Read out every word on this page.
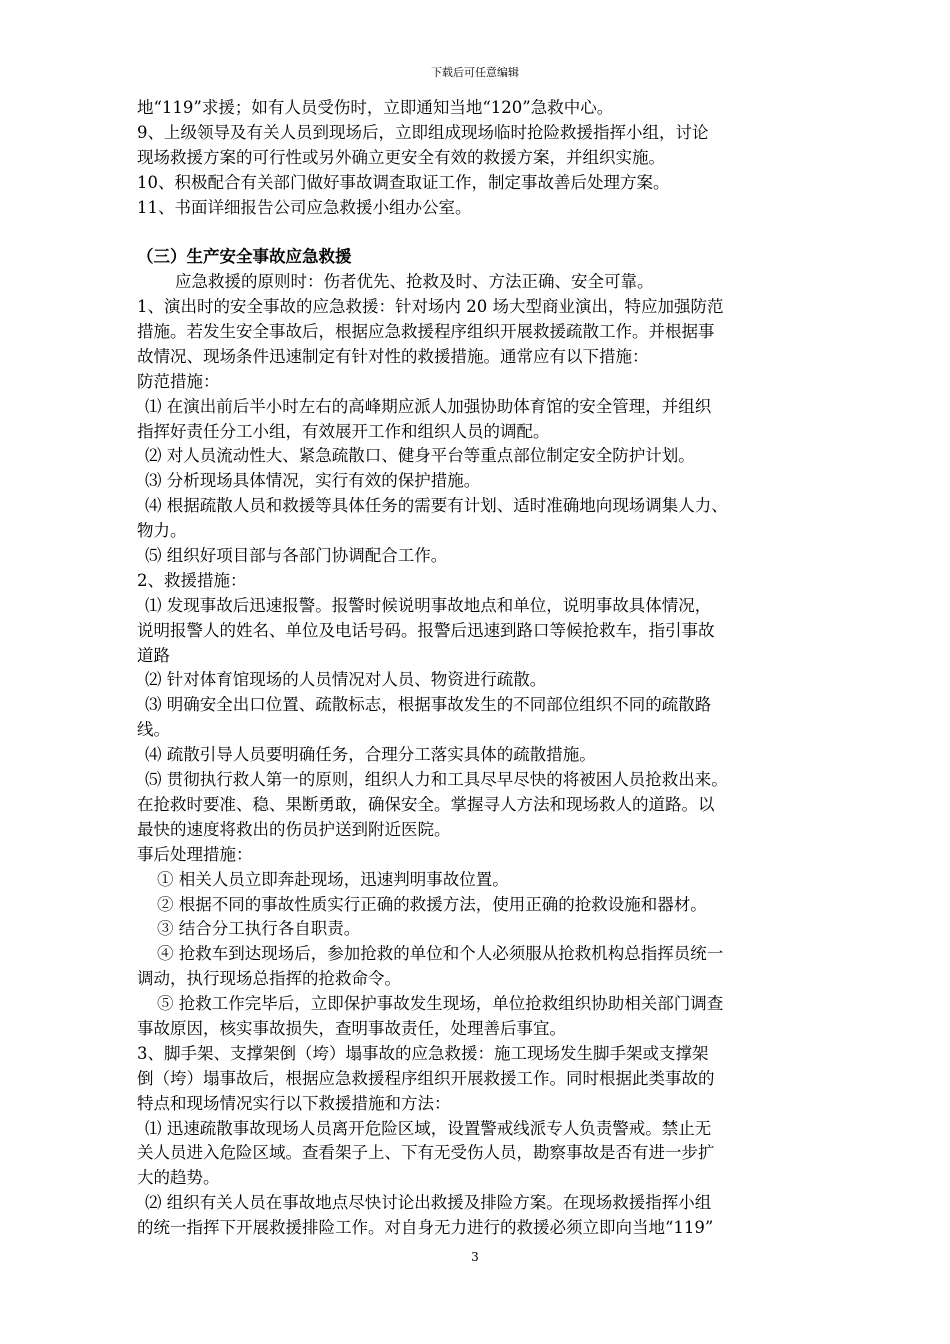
下载后可任意编辑
地“119”求援；如有人员受伤时，立即通知当地“120”急救中心。
9、上级领导及有关人员到现场后，立即组成现场临时抢险救援指挥小组，讨论
现场救援方案的可行性或另外确立更安全有效的救援方案，并组织实施。
10、积极配合有关部门做好事故调查取证工作，制定事故善后处理方案。
11、书面详细报告公司应急救援小组办公室。
（三）生产安全事故应急救援
应急救援的原则时：伤者优先、抢救及时、方法正确、安全可靠。
1、演出时的安全事故的应急救援：针对场内 20 场大型商业演出，特应加强防范
措施。若发生安全事故后，根据应急救援程序组织开展救援疏散工作。并根据事
故情况、现场条件迅速制定有针对性的救援措施。通常应有以下措施：
防范措施：
⑴ 在演出前后半小时左右的高峰期应派人加强协助体育馆的安全管理，并组织
指挥好责任分工小组，有效展开工作和组织人员的调配。
⑵ 对人员流动性大、紧急疏散口、健身平台等重点部位制定安全防护计划。
⑶ 分析现场具体情况，实行有效的保护措施。
⑷ 根据疏散人员和救援等具体任务的需要有计划、适时准确地向现场调集人力、
物力。
⑸ 组织好项目部与各部门协调配合工作。
2、救援措施：
⑴ 发现事故后迅速报警。报警时候说明事故地点和单位，说明事故具体情况，
说明报警人的姓名、单位及电话号码。报警后迅速到路口等候抢救车，指引事故
道路
⑵ 针对体育馆现场的人员情况对人员、物资进行疏散。
⑶ 明确安全出口位置、疏散标志，根据事故发生的不同部位组织不同的疏散路
线。
⑷ 疏散引导人员要明确任务，合理分工落实具体的疏散措施。
⑸ 贯彻执行救人第一的原则，组织人力和工具尽早尽快的将被困人员抢救出来。
在抢救时要准、稳、果断勇敢，确保安全。掌握寻人方法和现场救人的道路。以
最快的速度将救出的伤员护送到附近医院。
事后处理措施：
① 相关人员立即奔赴现场，迅速判明事故位置。
② 根据不同的事故性质实行正确的救援方法，使用正确的抢救设施和器材。
③ 结合分工执行各自职责。
④ 抢救车到达现场后，参加抢救的单位和个人必须服从抢救机构总指挥员统一
调动，执行现场总指挥的抢救命令。
⑤ 抢救工作完毕后，立即保护事故发生现场，单位抢救组织协助相关部门调查
事故原因，核实事故损失，查明事故责任，处理善后事宜。
3、脚手架、支撑架倒（垮）塌事故的应急救援：施工现场发生脚手架或支撑架
倒（垮）塌事故后，根据应急救援程序组织开展救援工作。同时根据此类事故的
特点和现场情况实行以下救援措施和方法：
⑴ 迅速疏散事故现场人员离开危险区域，设置警戒线派专人负责警戒。禁止无
关人员进入危险区域。查看架子上、下有无受伤人员，勘察事故是否有进一步扩
大的趋势。
⑵ 组织有关人员在事故地点尽快讨论出救援及排险方案。在现场救援指挥小组
的统一指挥下开展救援排险工作。对自身无力进行的救援必须立即向当地“119”
3
